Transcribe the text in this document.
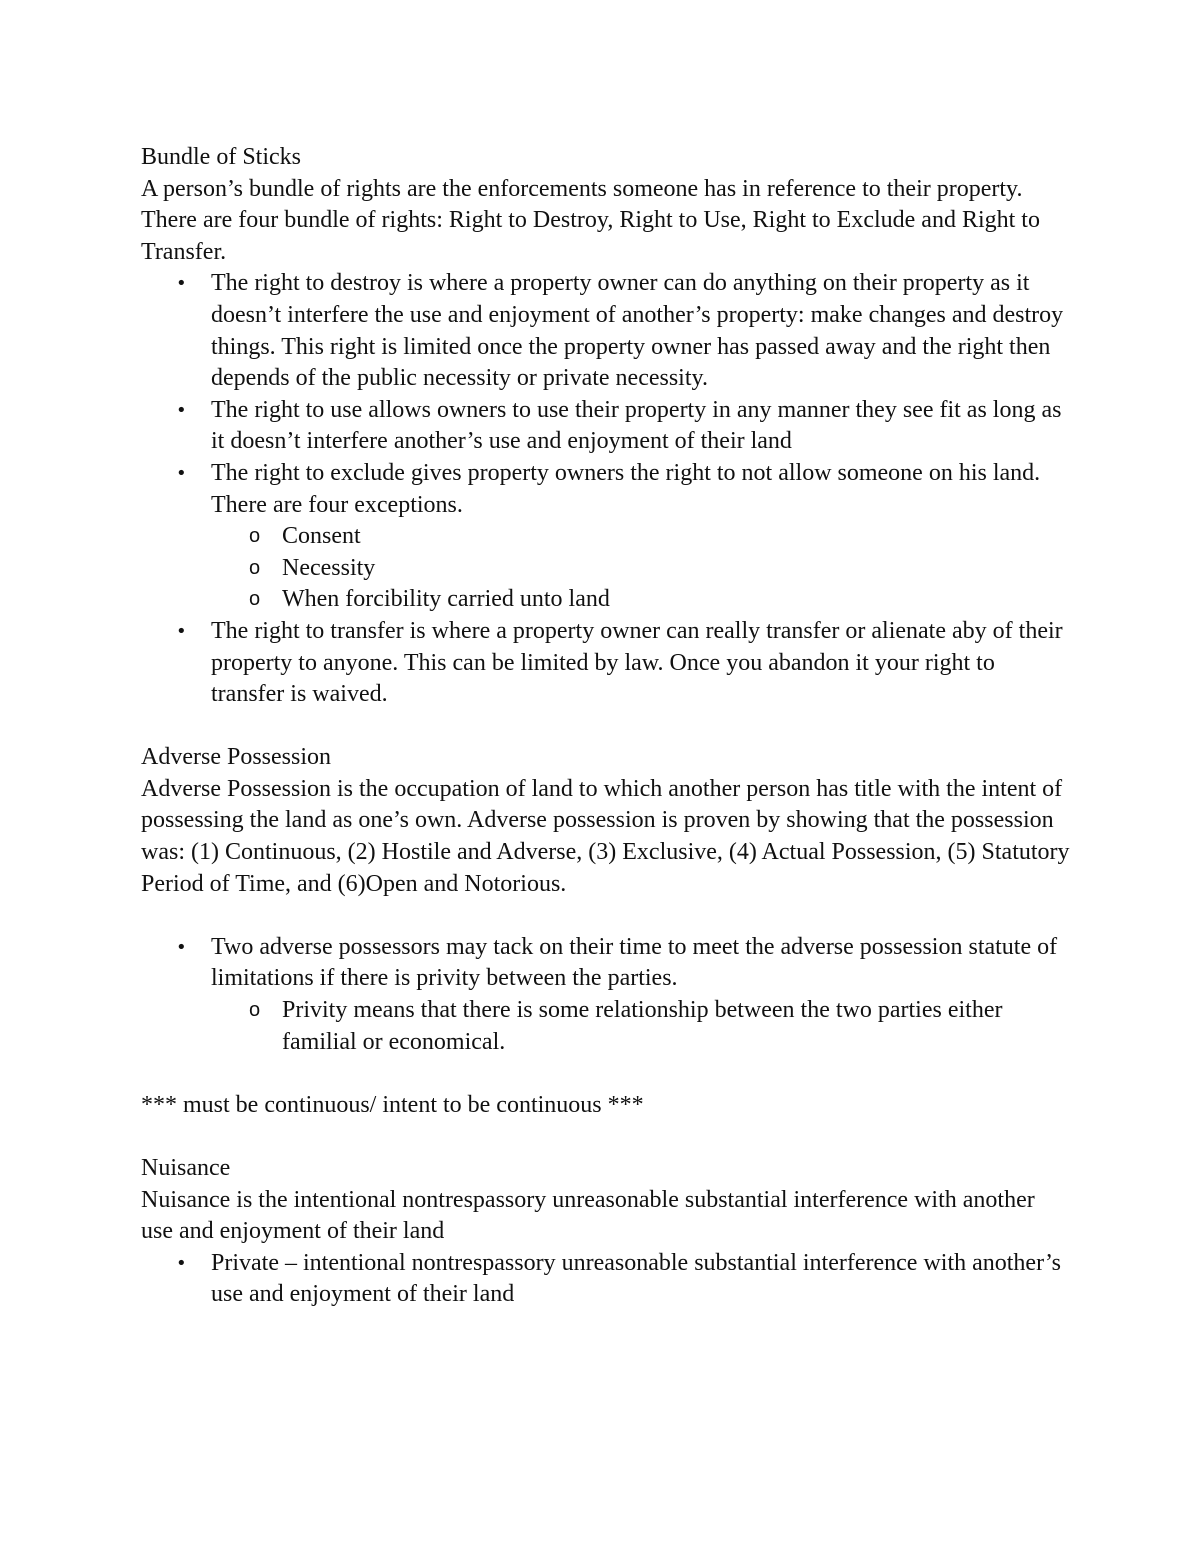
Bundle of Sticks

A person’s bundle of rights are the enforcements someone has in reference to their property. There are four bundle of rights: Right to Destroy, Right to Use, Right to Exclude and Right to Transfer.

•	The right to destroy is where a property owner can do anything on their property as it doesn’t interfere the use and enjoyment of another’s property: make changes and destroy things. This right is limited once the property owner has passed away and the right then depends of the public necessity or private necessity.
•	The right to use allows owners to use their property in any manner they see fit as long as it doesn’t interfere another’s use and enjoyment of their land
•	The right to exclude gives property owners the right to not allow someone on his land. There are four exceptions.
o Consent
o Necessity
o When forcibility carried unto land
•	The right to transfer is where a property owner can really transfer or alienate aby of their property to anyone. This can be limited by law. Once you abandon it your right to transfer is waived.

Adverse Possession

Adverse Possession is the occupation of land to which another person has title with the intent of possessing the land as one’s own. Adverse possession is proven by showing that the possession was: (1) Continuous, (2) Hostile and Adverse, (3) Exclusive, (4) Actual Possession, (5) Statutory Period of Time, and (6)Open and Notorious.

•	Two adverse possessors may tack on their time to meet the adverse possession statute of limitations if there is privity between the parties.
o Privity means that there is some relationship between the two parties either familial or economical.

*** must be continuous/ intent to be continuous ***

Nuisance

Nuisance is the intentional nontrespassory unreasonable substantial interference with another use and enjoyment of their land

•	Private – intentional nontrespassory unreasonable substantial interference with another’s use and enjoyment of their land
